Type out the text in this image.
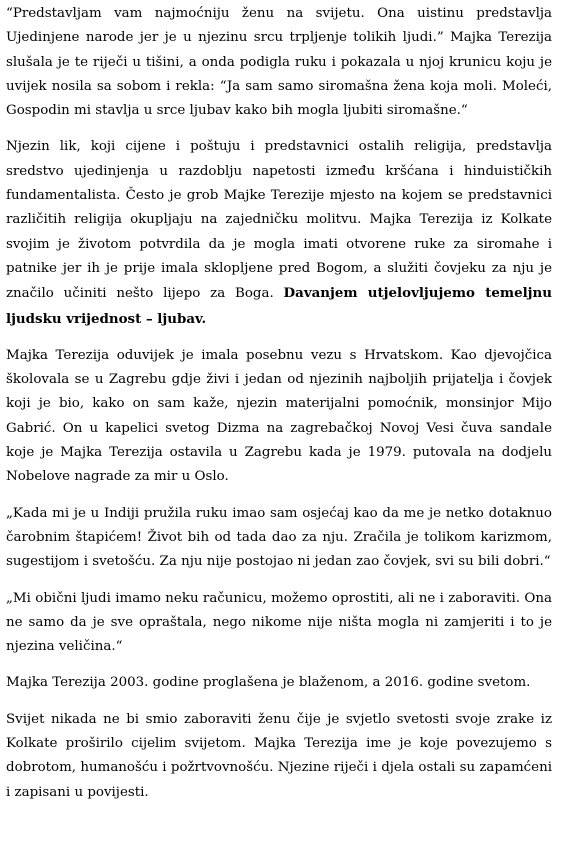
“Predstavljam vam najmoćniju ženu na svijetu. Ona uistinu predstavlja Ujedinjene narode jer je u njezinu srcu trpljenje tolikih ljudi.” Majka Terezija slušala je te riječi u tišini, a onda podigla ruku i pokazala u njoj krunicu koju je uvijek nosila sa sobom i rekla: “Ja sam samo siromašna žena koja moli. Moleći, Gospodin mi stavlja u srce ljubav kako bih mogla ljubiti siromašne.“

Njezin lik, koji cijene i poštuju i predstavnici ostalih religija, predstavlja sredstvo ujedinjenja u razdoblju napetosti između kršćana i hinduističkih fundamentalista. Često je grob Majke Terezije mjesto na kojem se predstavnici različitih religija okupljaju na zajedničku molitvu. Majka Terezija iz Kolkate svojim je životom potvrdila da je mogla imati otvorene ruke za siromahe i patnike jer ih je prije imala sklopljene pred Bogom, a služiti čovjeku za nju je značilo učiniti nešto lijepo za Boga. Davanjem utjelovljujemo temeljnu ljudsku vrijednost – ljubav.

Majka Terezija oduvijek je imala posebnu vezu s Hrvatskom. Kao djevojčica školovala se u Zagrebu gdje živi i jedan od njezinih najboljih prijatelja i čovjek koji je bio, kako on sam kaže, njezin materijalni pomoćnik, monsinjor Mijo Gabrić. On u kapelici svetog Dizma na zagrebačkoj Novoj Vesi čuva sandale koje je Majka Terezija ostavila u Zagrebu kada je 1979. putovala na dodjelu Nobelove nagrade za mir u Oslo.

„Kada mi je u Indiji pružila ruku imao sam osjećaj kao da me je netko dotaknuo čarobnim štapićem! Život bih od tada dao za nju. Zračila je tolikom karizmom, sugestijom i svetošću. Za nju nije postojao ni jedan zao čovjek, svi su bili dobri.“

„Mi obični ljudi imamo neku računicu, možemo oprostiti, ali ne i zaboraviti. Ona ne samo da je sve opraštala, nego nikome nije ništa mogla ni zamjeriti i to je njezina veličina.“

Majka Terezija 2003. godine proglašena je blaženom, a 2016. godine svetom.

Svijet nikada ne bi smio zaboraviti ženu čije je svjetlo svetosti svoje zrake iz Kolkate proširilo cijelim svijetom. Majka Terezija ime je koje povezujemo s dobrotom, humanošću i požrtvovnošću. Njezine riječi i djela ostali su zapamćeni i zapisani u povijesti.
